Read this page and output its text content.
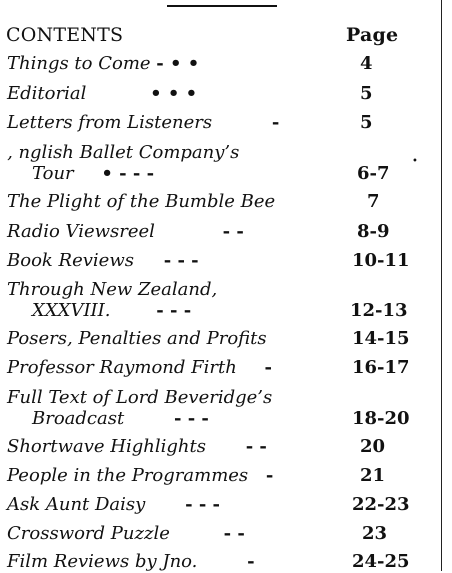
CONTENTS	Page
Things to Come - • •	4
Editorial	• • •	5
Letters from Listeners	-	5
‚ nglish Ballet Company’s	•
Tour • - - -	6-7
The Plight of the Bumble Bee	7
Radio Viewsreel	- -	8-9
Book Reviews - - -	10-11
Through New Zealand,
XXXVIII.	- - -	12-13
Posers, Penalties and Profits	14-15
Professor Raymond Firth -	16-17
Full Text of Lord Beveridge’s
Broadcast	- - -	18-20
Shortwave Highlights - -	20
People in the Programmes -	21
Ask Aunt Daisy - - -	22-23
Crossword Puzzle	- -	23
Film Reviews by Jno.	-	24-25
